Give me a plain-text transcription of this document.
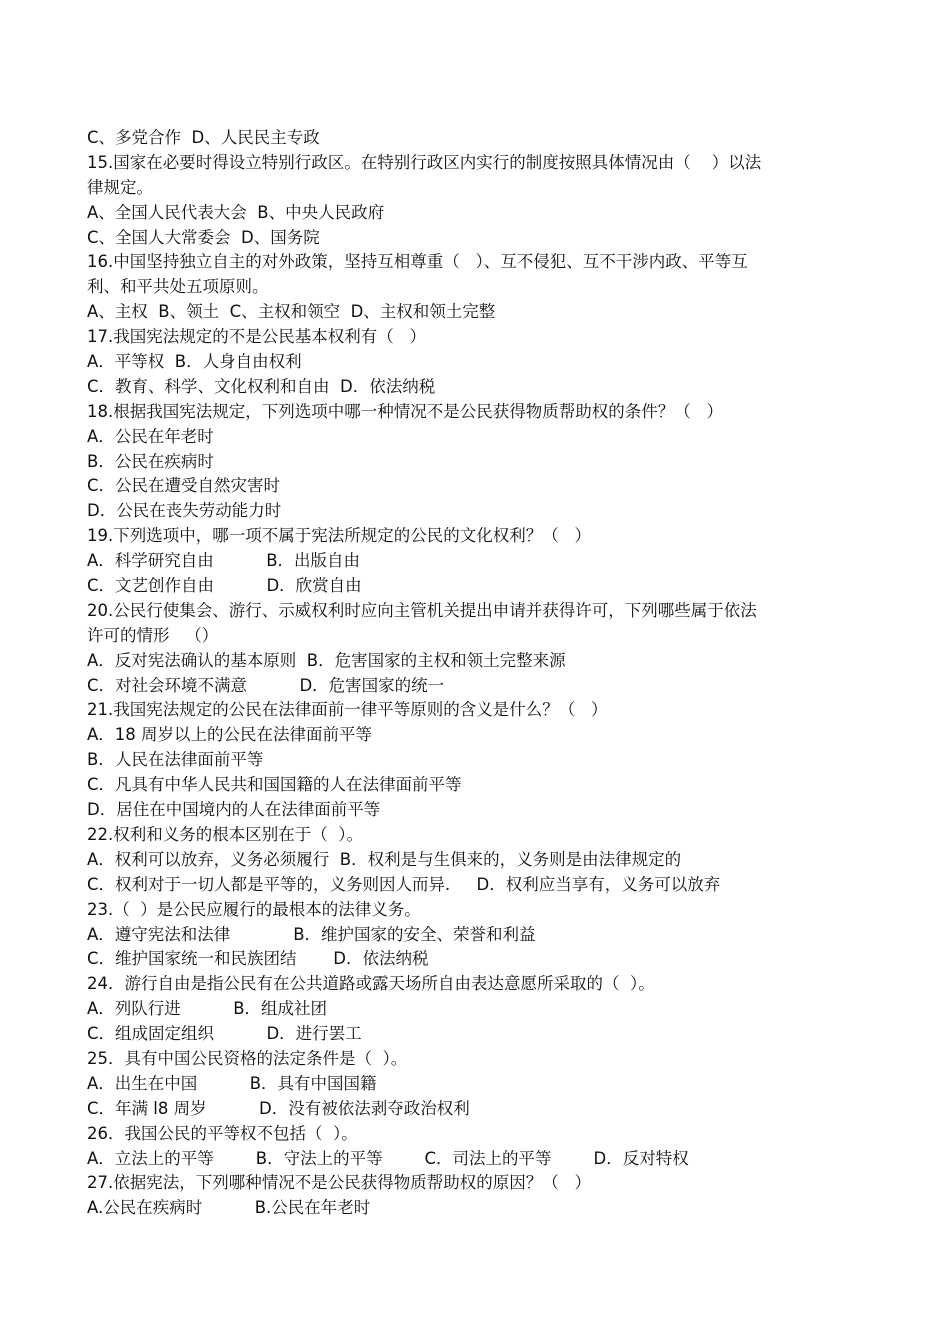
C、多党合作  D、人民民主专政
15.国家在必要时得设立特别行政区。在特别行政区内实行的制度按照具体情况由（    ）以法
律规定。
A、全国人民代表大会  B、中央人民政府
C、全国人大常委会  D、国务院
16.中国坚持独立自主的对外政策，坚持互相尊重（   ）、互不侵犯、互不干涉内政、平等互
利、和平共处五项原则。
A、主权  B、领土  C、主权和领空  D、主权和领土完整
17.我国宪法规定的不是公民基本权利有（   ）
A．平等权  B．人身自由权利
C．教育、科学、文化权利和自由  D．依法纳税
18.根据我国宪法规定，下列选项中哪一种情况不是公民获得物质帮助权的条件？（   ）
A．公民在年老时
B．公民在疾病时
C．公民在遭受自然灾害时
D．公民在丧失劳动能力时
19.下列选项中，哪一项不属于宪法所规定的公民的文化权利？（   ）
A．科学研究自由          B．出版自由
C．文艺创作自由          D．欣赏自由
20.公民行使集会、游行、示威权利时应向主管机关提出申请并获得许可，下列哪些属于依法
许可的情形   （）
A．反对宪法确认的基本原则  B．危害国家的主权和领土完整来源
C．对社会环境不满意          D．危害国家的统一
21.我国宪法规定的公民在法律面前一律平等原则的含义是什么？（   ）
A．18 周岁以上的公民在法律面前平等
B．人民在法律面前平等
C．凡具有中华人民共和国国籍的人在法律面前平等
D．居住在中国境内的人在法律面前平等
22.权利和义务的根本区别在于（  ）。
A．权利可以放弃，义务必须履行  B．权利是与生俱来的，义务则是由法律规定的
C．权利对于一切人都是平等的，义务则因人而异.     D．权利应当享有，义务可以放弃
23.（  ）是公民应履行的最根本的法律义务。
A．遵守宪法和法律            B．维护国家的安全、荣誉和利益
C．维护国家统一和民族团结       D．依法纳税
24．游行自由是指公民有在公共道路或露天场所自由表达意愿所采取的（  ）。
A．列队行进          B．组成社团
C．组成固定组织          D．进行罢工
25．具有中国公民资格的法定条件是（  ）。
A．出生在中国          B．具有中国国籍
C．年满 l8 周岁          D．没有被依法剥夺政治权利
26．我国公民的平等权不包括（  ）。
A．立法上的平等        B．守法上的平等        C．司法上的平等        D．反对特权
27.依据宪法，下列哪种情况不是公民获得物质帮助权的原因？（   ）
A.公民在疾病时          B.公民在年老时
